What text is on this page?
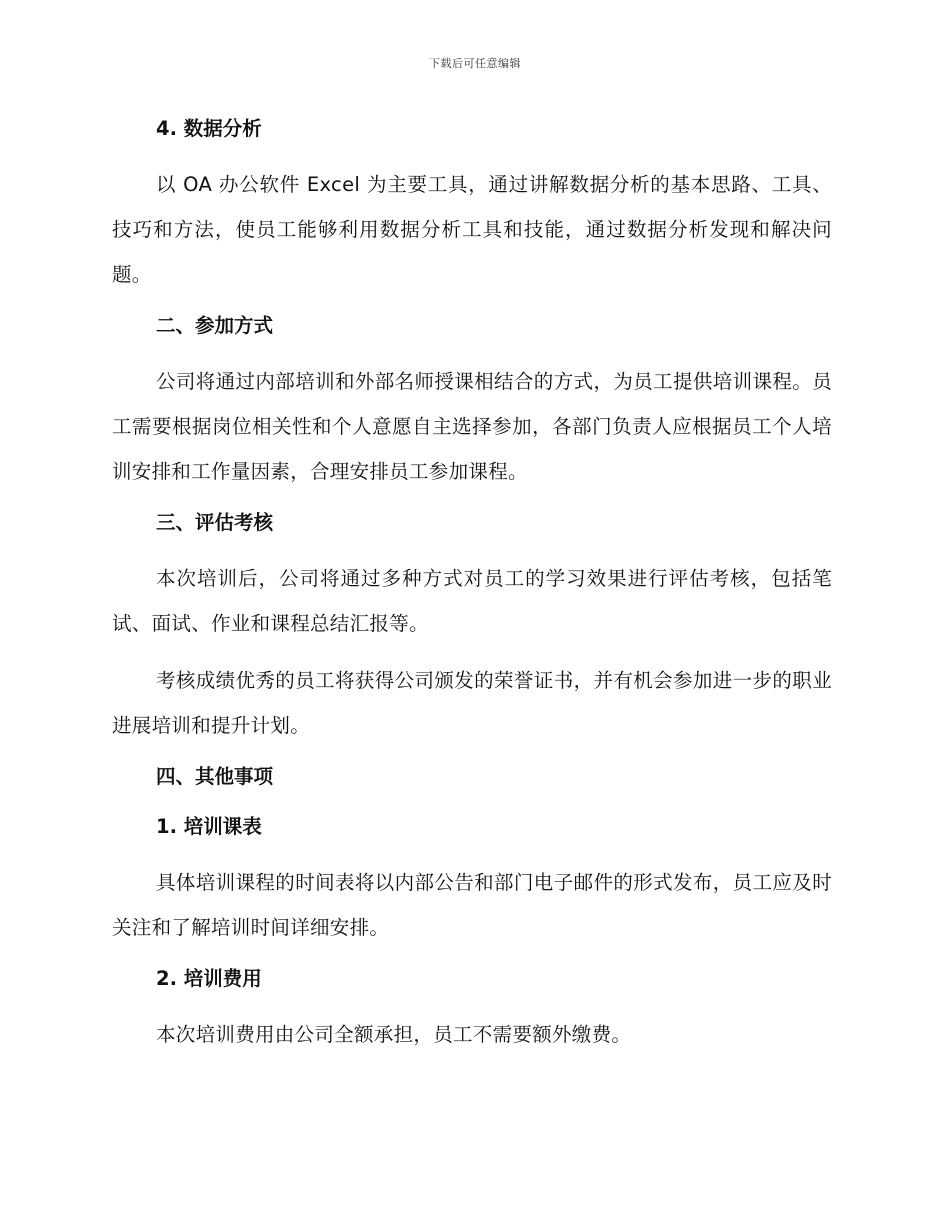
下载后可任意编辑
4. 数据分析
以 OA 办公软件 Excel 为主要工具，通过讲解数据分析的基本思路、工具、技巧和方法，使员工能够利用数据分析工具和技能，通过数据分析发现和解决问题。
二、参加方式
公司将通过内部培训和外部名师授课相结合的方式，为员工提供培训课程。员工需要根据岗位相关性和个人意愿自主选择参加，各部门负责人应根据员工个人培训安排和工作量因素，合理安排员工参加课程。
三、评估考核
本次培训后，公司将通过多种方式对员工的学习效果进行评估考核，包括笔试、面试、作业和课程总结汇报等。
考核成绩优秀的员工将获得公司颁发的荣誉证书，并有机会参加进一步的职业进展培训和提升计划。
四、其他事项
1. 培训课表
具体培训课程的时间表将以内部公告和部门电子邮件的形式发布，员工应及时关注和了解培训时间详细安排。
2. 培训费用
本次培训费用由公司全额承担，员工不需要额外缴费。
